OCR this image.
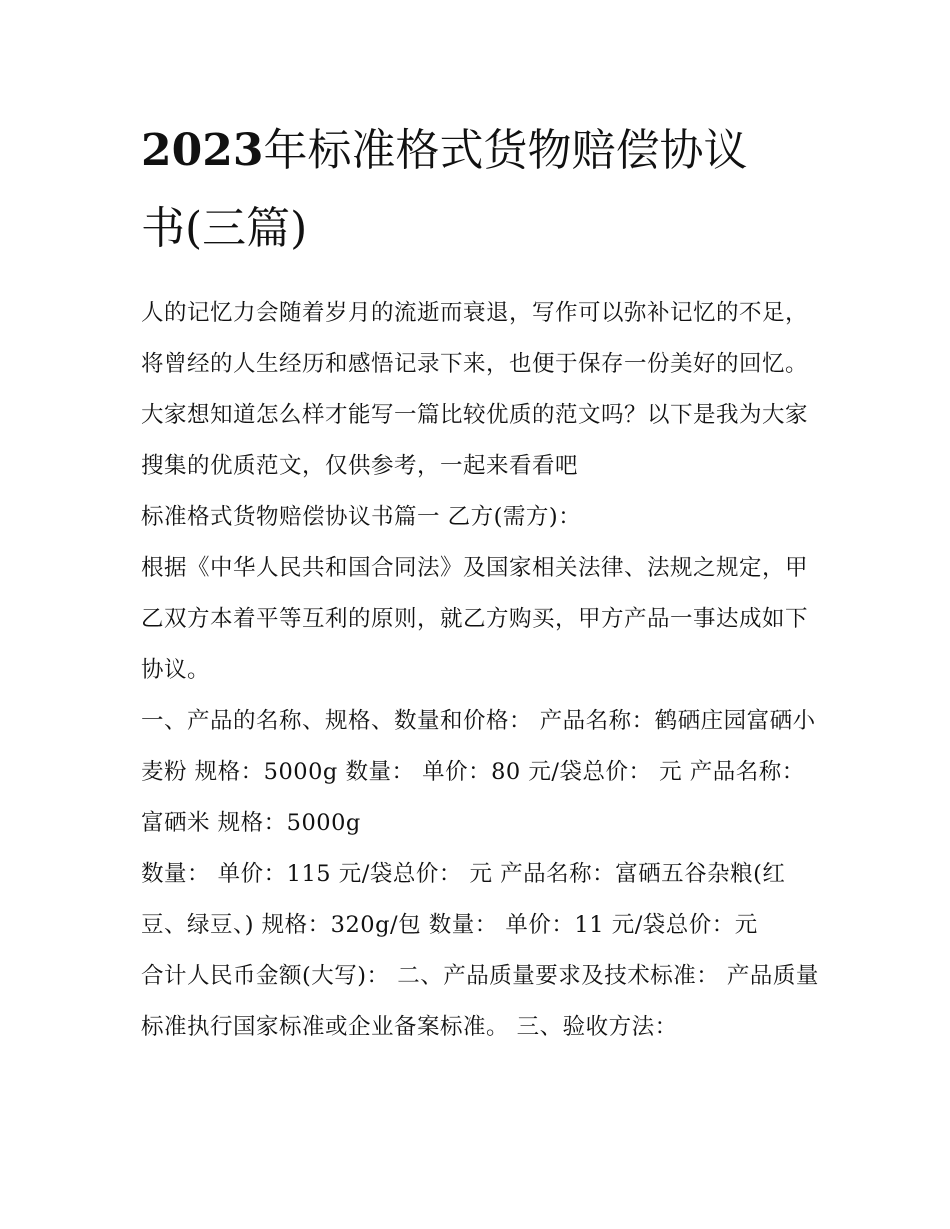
2023年标准格式货物赔偿协议
书(三篇)

人的记忆力会随着岁月的流逝而衰退，写作可以弥补记忆的不足，将曾经的人生经历和感悟记录下来，也便于保存一份美好的回忆。大家想知道怎么样才能写一篇比较优质的范文吗？以下是我为大家搜集的优质范文，仅供参考，一起来看看吧

标准格式货物赔偿协议书篇一 乙方(需方)：

根据《中华人民共和国合同法》及国家相关法律、法规之规定，甲乙双方本着平等互利的原则，就乙方购买，甲方产品一事达成如下协议。

一、产品的名称、规格、数量和价格： 产品名称：鹤硒庄园富硒小麦粉 规格：5000g 数量： 单价：80 元/袋总价： 元 产品名称：富硒米 规格：5000g

数量： 单价：115 元/袋总价： 元 产品名称：富硒五谷杂粮(红豆、绿豆、) 规格：320g/包 数量： 单价：11 元/袋总价：元

合计人民币金额(大写)： 二、产品质量要求及技术标准： 产品质量标准执行国家标准或企业备案标准。 三、验收方法：
